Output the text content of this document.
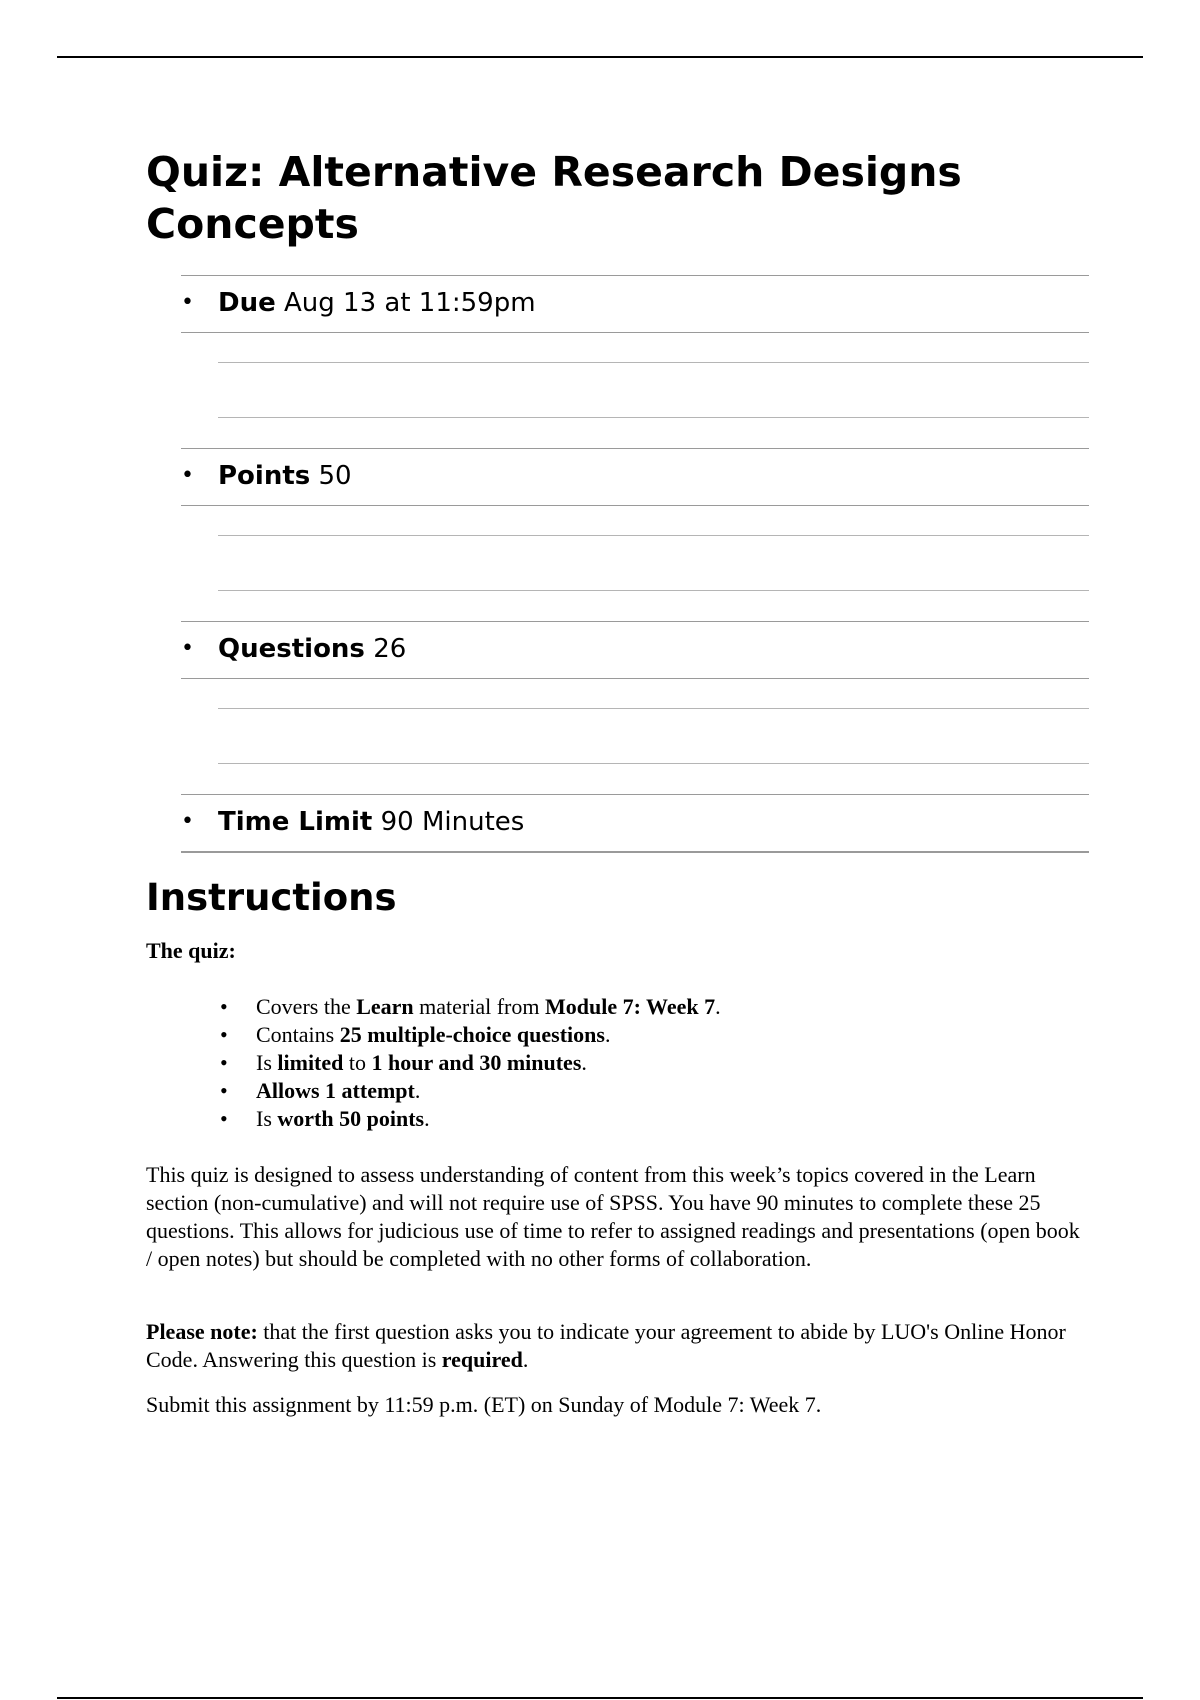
Quiz: Alternative Research Designs Concepts
• Due Aug 13 at 11:59pm
• Points 50
• Questions 26
• Time Limit 90 Minutes
Instructions

The quiz:

• Covers the Learn material from Module 7: Week 7.
• Contains 25 multiple-choice questions.
• Is limited to 1 hour and 30 minutes.
• Allows 1 attempt.
• Is worth 50 points.

This quiz is designed to assess understanding of content from this week’s topics covered in the Learn section (non-cumulative) and will not require use of SPSS. You have 90 minutes to complete these 25 questions. This allows for judicious use of time to refer to assigned readings and presentations (open book / open notes) but should be completed with no other forms of collaboration.

Please note: that the first question asks you to indicate your agreement to abide by LUO's Online Honor Code. Answering this question is required.

Submit this assignment by 11:59 p.m. (ET) on Sunday of Module 7: Week 7.
